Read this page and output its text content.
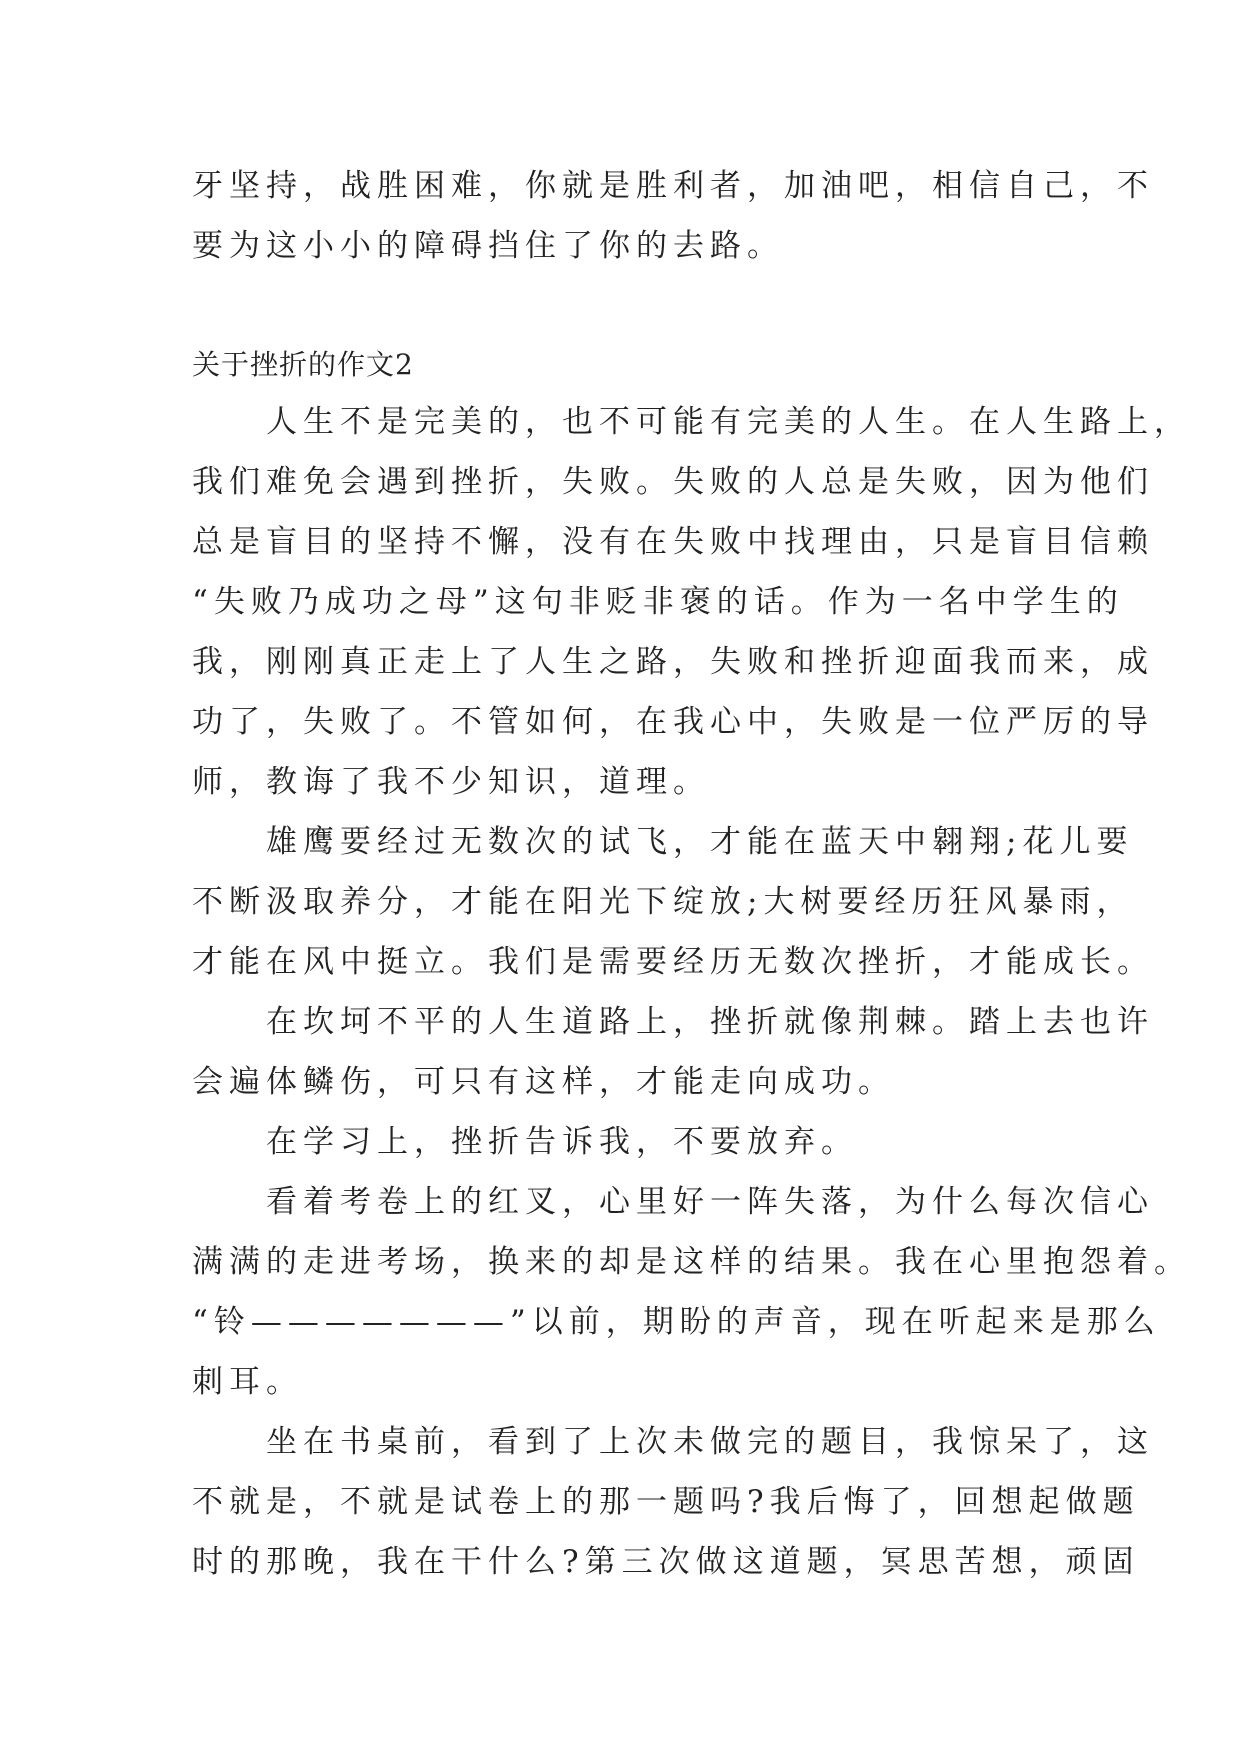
牙坚持，战胜困难，你就是胜利者，加油吧，相信自己，不
要为这小小的障碍挡住了你的去路。
关于挫折的作文2
　　人生不是完美的，也不可能有完美的人生。在人生路上，
我们难免会遇到挫折，失败。失败的人总是失败，因为他们
总是盲目的坚持不懈，没有在失败中找理由，只是盲目信赖
“失败乃成功之母”这句非贬非褒的话。作为一名中学生的
我，刚刚真正走上了人生之路，失败和挫折迎面我而来，成
功了，失败了。不管如何，在我心中，失败是一位严厉的导
师，教诲了我不少知识，道理。
　　雄鹰要经过无数次的试飞，才能在蓝天中翱翔;花儿要
不断汲取养分，才能在阳光下绽放;大树要经历狂风暴雨，
才能在风中挺立。我们是需要经历无数次挫折，才能成长。
　　在坎坷不平的人生道路上，挫折就像荆棘。踏上去也许
会遍体鳞伤，可只有这样，才能走向成功。
　　在学习上，挫折告诉我，不要放弃。
　　看着考卷上的红叉，心里好一阵失落，为什么每次信心
满满的走进考场，换来的却是这样的结果。我在心里抱怨着。
“铃———————”以前，期盼的声音，现在听起来是那么
刺耳。
　　坐在书桌前，看到了上次未做完的题目，我惊呆了，这
不就是，不就是试卷上的那一题吗?我后悔了，回想起做题
时的那晚，我在干什么?第三次做这道题，冥思苦想，顽固
